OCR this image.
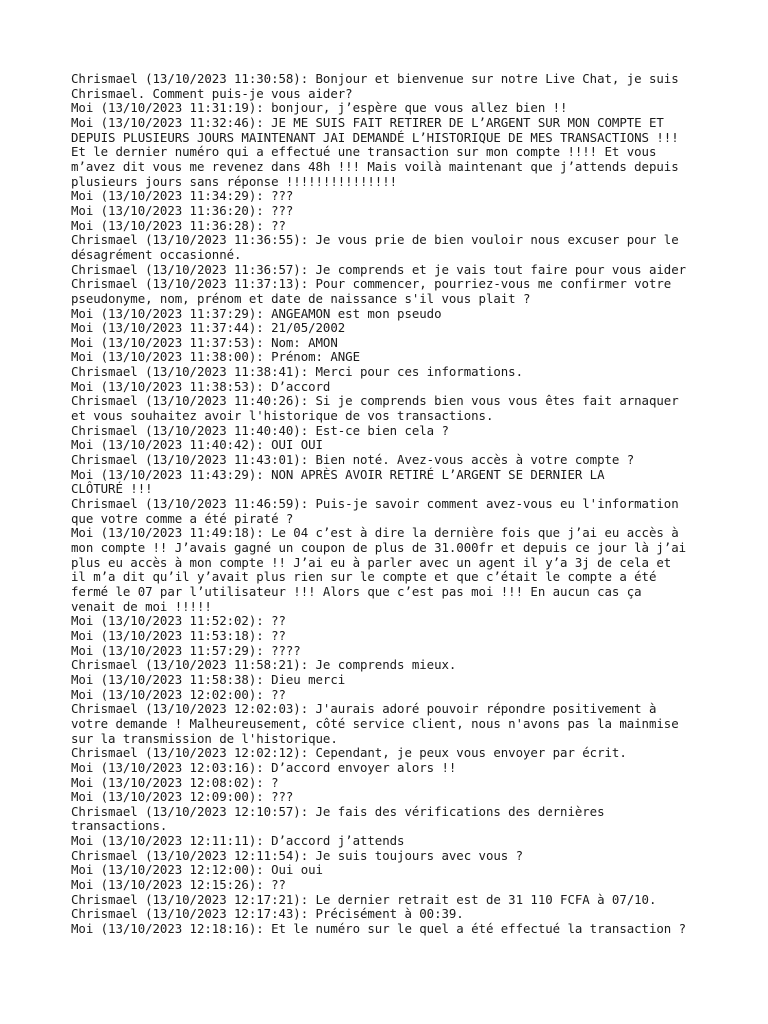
Chrismael (13/10/2023 11:30:58): Bonjour et bienvenue sur notre Live Chat, je suis
Chrismael. Comment puis-je vous aider?

Moi (13/10/2023 11:31:19): bonjour, j’espère que vous allez bien !!

Moi (13/10/2023 11:32:46): JE ME SUIS FAIT RETIRER DE L’ARGENT SUR MON COMPTE ET
DEPUIS PLUSIEURS JOURS MAINTENANT JAI DEMANDÉ L’HISTORIQUE DE MES TRANSACTIONS !!!
Et le dernier numéro qui a effectué une transaction sur mon compte !!!! Et vous
m’avez dit vous me revenez dans 48h !!! Mais voilà maintenant que j’attends depuis
plusieurs jours sans réponse !!!!!!!!!!!!!!!

Moi (13/10/2023 11:34:29): ???

Moi (13/10/2023 11:36:20): ???

Moi (13/10/2023 11:36:28): ??

Chrismael (13/10/2023 11:36:55): Je vous prie de bien vouloir nous excuser pour le
désagrément occasionné.

Chrismael (13/10/2023 11:36:57): Je comprends et je vais tout faire pour vous aider

Chrismael (13/10/2023 11:37:13): Pour commencer, pourriez-vous me confirmer votre
pseudonyme, nom, prénom et date de naissance s'il vous plait ?

Moi (13/10/2023 11:37:29): ANGEAMON est mon pseudo

Moi (13/10/2023 11:37:44): 21/05/2002

Moi (13/10/2023 11:37:53): Nom: AMON

Moi (13/10/2023 11:38:00): Prénom: ANGE

Chrismael (13/10/2023 11:38:41): Merci pour ces informations.

Moi (13/10/2023 11:38:53): D’accord

Chrismael (13/10/2023 11:40:26): Si je comprends bien vous vous êtes fait arnaquer
et vous souhaitez avoir l'historique de vos transactions.

Chrismael (13/10/2023 11:40:40): Est-ce bien cela ?

Moi (13/10/2023 11:40:42): OUI OUI

Chrismael (13/10/2023 11:43:01): Bien noté. Avez-vous accès à votre compte ?

Moi (13/10/2023 11:43:29): NON APRÈS AVOIR RETIRÉ L’ARGENT SE DERNIER LA
CLÔTURÉ !!!

Chrismael (13/10/2023 11:46:59): Puis-je savoir comment avez-vous eu l'information
que votre comme a été piraté ?

Moi (13/10/2023 11:49:18): Le 04 c’est à dire la dernière fois que j’ai eu accès à
mon compte !! J’avais gagné un coupon de plus de 31.000fr et depuis ce jour là j’ai
plus eu accès à mon compte !! J’ai eu à parler avec un agent il y’a 3j de cela et
il m’a dit qu’il y’avait plus rien sur le compte et que c’était le compte a été
fermé le 07 par l’utilisateur !!! Alors que c’est pas moi !!! En aucun cas ça
venait de moi !!!!!

Moi (13/10/2023 11:52:02): ??

Moi (13/10/2023 11:53:18): ??

Moi (13/10/2023 11:57:29): ????

Chrismael (13/10/2023 11:58:21): Je comprends mieux.

Moi (13/10/2023 11:58:38): Dieu merci

Moi (13/10/2023 12:02:00): ??

Chrismael (13/10/2023 12:02:03): J'aurais adoré pouvoir répondre positivement à
votre demande ! Malheureusement, côté service client, nous n'avons pas la mainmise
sur la transmission de l'historique.

Chrismael (13/10/2023 12:02:12): Cependant, je peux vous envoyer par écrit.

Moi (13/10/2023 12:03:16): D’accord envoyer alors !!

Moi (13/10/2023 12:08:02): ?

Moi (13/10/2023 12:09:00): ???

Chrismael (13/10/2023 12:10:57): Je fais des vérifications des dernières
transactions.

Moi (13/10/2023 12:11:11): D’accord j’attends

Chrismael (13/10/2023 12:11:54): Je suis toujours avec vous ?

Moi (13/10/2023 12:12:00): Oui oui

Moi (13/10/2023 12:15:26): ??

Chrismael (13/10/2023 12:17:21): Le dernier retrait est de 31 110 FCFA à 07/10.

Chrismael (13/10/2023 12:17:43): Précisément à 00:39.

Moi (13/10/2023 12:18:16): Et le numéro sur le quel a été effectué la transaction ?
